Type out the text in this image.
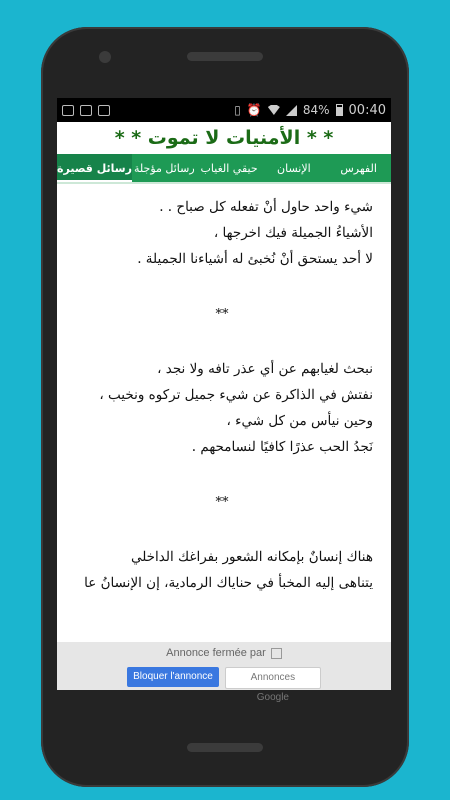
▯ ⏰	84% 00:40
* * الأمنيات لا تموت * *
الفهرس
الإنسان
حيقي الغياب
رسائل مؤجلة
رسائل قصيرة
شيء واحد حاول أنْ تفعله كل صباح . .
الأشياءُ الجميلة فيك اخرجها ،
لا أحد يستحق أنْ نُخبئ له أشياءنا الجميلة .
**
نبحث لغيابهم عن أي عذر تافه ولا نجد ،
نفتش في الذاكرة عن شيء جميل تركوه ونخيب ،
وحين نيأس من كل شيء ،
نَجدُ الحب عذرًا كافيًا لنسامحهم .
**
هناك إنسانٌ بإمكانه الشعور بفراغك الداخلي
يتناهى إليه المخبأ في حناياك الرمادية، إن الإنسانُ عا
Annonce fermée par
Bloquer l'annonce	Annonces Google
